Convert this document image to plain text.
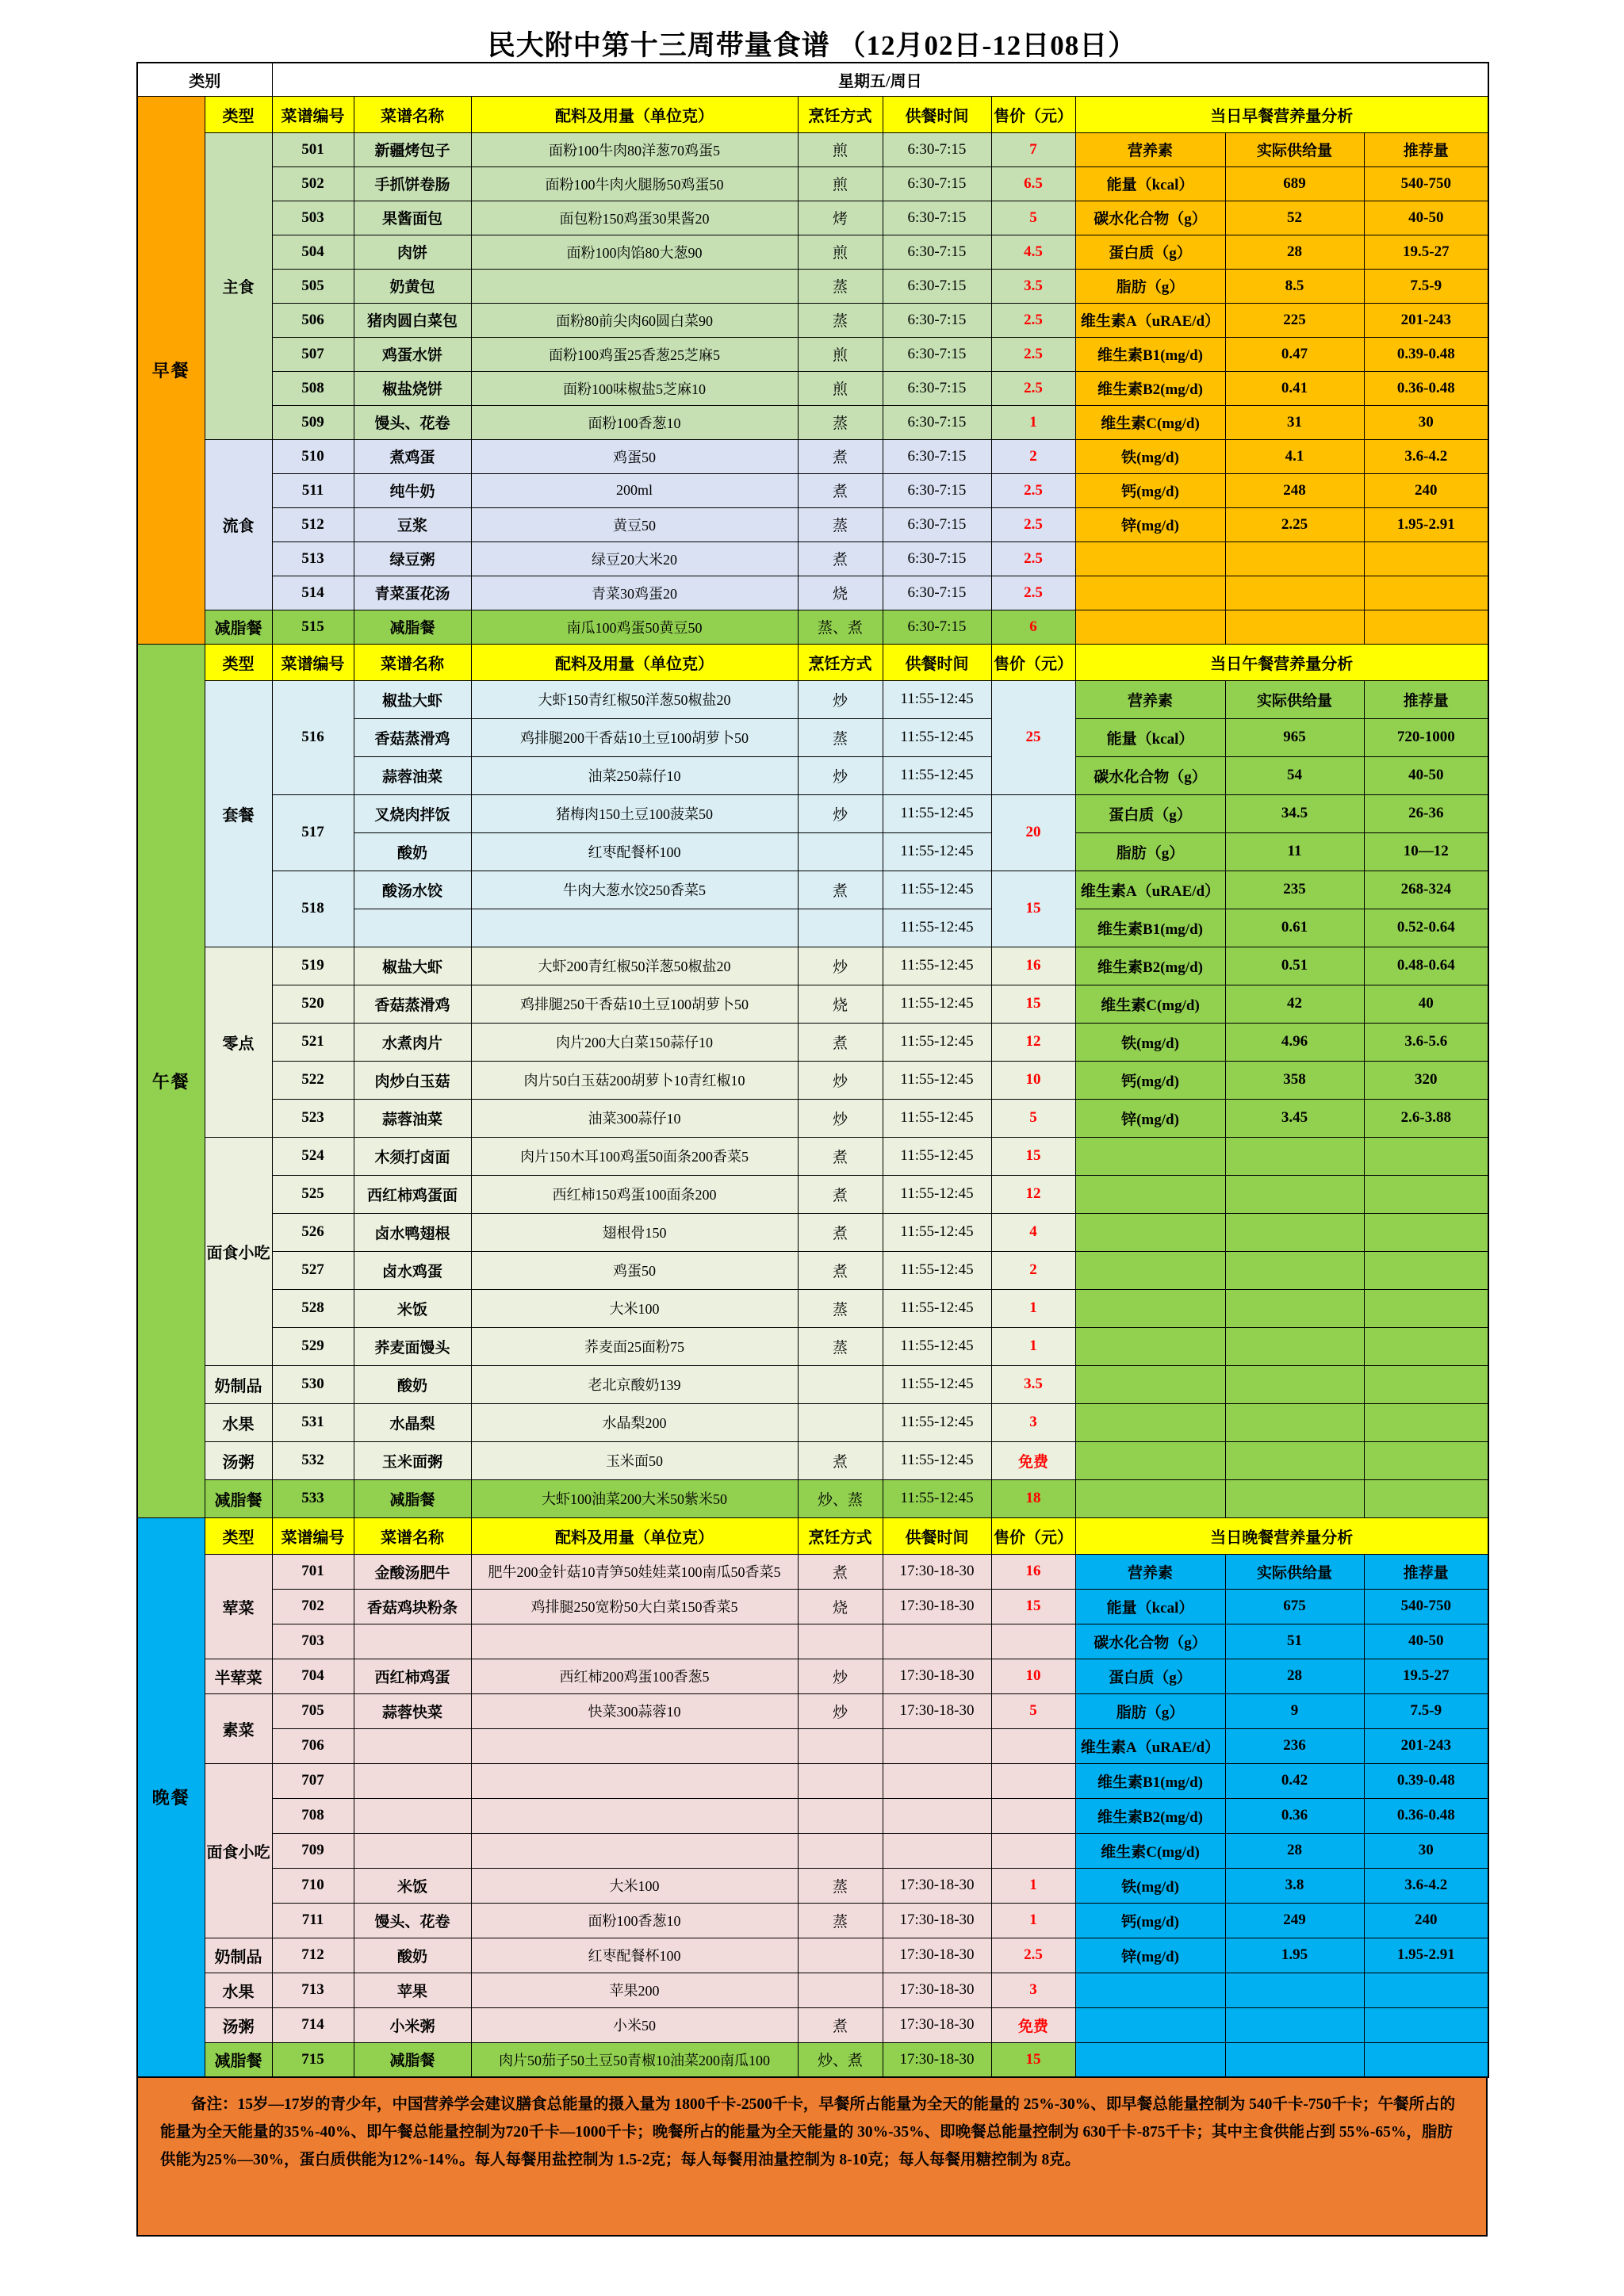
民大附中第十三周带量食谱 （12月02日-12日08日）
类别		星期五/周日								
早餐	类型	菜谱编号	菜谱名称	配料及用量（单位克）	烹饪方式	供餐时间	售价（元）	当日早餐营养量分析		
	主食	501	新疆烤包子	面粉100牛肉80洋葱70鸡蛋5	煎	6:30-7:15	7	营养素	实际供给量	推荐量
		502	手抓饼卷肠	面粉100牛肉火腿肠50鸡蛋50	煎	6:30-7:15	6.5	能量（kcal）	689	540-750
		503	果酱面包	面包粉150鸡蛋30果酱20	烤	6:30-7:15	5	碳水化合物（g）	52	40-50
		504	肉饼	面粉100肉馅80大葱90	煎	6:30-7:15	4.5	蛋白质（g）	28	19.5-27
		505	奶黄包		蒸	6:30-7:15	3.5	脂肪（g）	8.5	7.5-9
		506	猪肉圆白菜包	面粉80前尖肉60圆白菜90	蒸	6:30-7:15	2.5	维生素A（uRAE/d）	225	201-243
		507	鸡蛋水饼	面粉100鸡蛋25香葱25芝麻5	煎	6:30-7:15	2.5	维生素B1(mg/d)	0.47	0.39-0.48
		508	椒盐烧饼	面粉100味椒盐5芝麻10	煎	6:30-7:15	2.5	维生素B2(mg/d)	0.41	0.36-0.48
		509	馒头、花卷	面粉100香葱10	蒸	6:30-7:15	1	维生素C(mg/d)	31	30
	流食	510	煮鸡蛋	鸡蛋50	煮	6:30-7:15	2	铁(mg/d)	4.1	3.6-4.2
		511	纯牛奶	200ml	煮	6:30-7:15	2.5	钙(mg/d)	248	240
		512	豆浆	黄豆50	蒸	6:30-7:15	2.5	锌(mg/d)	2.25	1.95-2.91
		513	绿豆粥	绿豆20大米20	煮	6:30-7:15	2.5			
		514	青菜蛋花汤	青菜30鸡蛋20	烧	6:30-7:15	2.5			
	减脂餐	515	减脂餐	南瓜100鸡蛋50黄豆50	蒸、煮	6:30-7:15	6			
午餐	类型	菜谱编号	菜谱名称	配料及用量（单位克）	烹饪方式	供餐时间	售价（元）	当日午餐营养量分析		
	套餐	516	椒盐大虾	大虾150青红椒50洋葱50椒盐20	炒	11:55-12:45	25	营养素	实际供给量	推荐量
			香菇蒸滑鸡	鸡排腿200干香菇10土豆100胡萝卜50	蒸	11:55-12:45		能量（kcal）	965	720-1000
			蒜蓉油菜	油菜250蒜仔10	炒	11:55-12:45		碳水化合物（g）	54	40-50
		517	叉烧肉拌饭	猪梅肉150土豆100菠菜50	炒	11:55-12:45	20	蛋白质（g）	34.5	26-36
			酸奶	红枣配餐杯100		11:55-12:45		脂肪（g）	11	10—12
		518	酸汤水饺	牛肉大葱水饺250香菜5	煮	11:55-12:45	15	维生素A（uRAE/d）	235	268-324
						11:55-12:45		维生素B1(mg/d)	0.61	0.52-0.64
	零点	519	椒盐大虾	大虾200青红椒50洋葱50椒盐20	炒	11:55-12:45	16	维生素B2(mg/d)	0.51	0.48-0.64
		520	香菇蒸滑鸡	鸡排腿250干香菇10土豆100胡萝卜50	烧	11:55-12:45	15	维生素C(mg/d)	42	40
		521	水煮肉片	肉片200大白菜150蒜仔10	煮	11:55-12:45	12	铁(mg/d)	4.96	3.6-5.6
		522	肉炒白玉菇	肉片50白玉菇200胡萝卜10青红椒10	炒	11:55-12:45	10	钙(mg/d)	358	320
		523	蒜蓉油菜	油菜300蒜仔10	炒	11:55-12:45	5	锌(mg/d)	3.45	2.6-3.88
	面食小吃	524	木须打卤面	肉片150木耳100鸡蛋50面条200香菜5	煮	11:55-12:45	15			
		525	西红柿鸡蛋面	西红柿150鸡蛋100面条200	煮	11:55-12:45	12			
		526	卤水鸭翅根	翅根骨150	煮	11:55-12:45	4			
		527	卤水鸡蛋	鸡蛋50	煮	11:55-12:45	2			
		528	米饭	大米100	蒸	11:55-12:45	1			
		529	荞麦面馒头	荞麦面25面粉75	蒸	11:55-12:45	1			
	奶制品	530	酸奶	老北京酸奶139		11:55-12:45	3.5			
	水果	531	水晶梨	水晶梨200		11:55-12:45	3			
	汤粥	532	玉米面粥	玉米面50	煮	11:55-12:45	免费			
	减脂餐	533	减脂餐	大虾100油菜200大米50紫米50	炒、蒸	11:55-12:45	18			
晚餐	类型	菜谱编号	菜谱名称	配料及用量（单位克）	烹饪方式	供餐时间	售价（元）	当日晚餐营养量分析		
	荤菜	701	金酸汤肥牛	肥牛200金针菇10青笋50娃娃菜100南瓜50香菜5	煮	17:30-18-30	16	营养素	实际供给量	推荐量
		702	香菇鸡块粉条	鸡排腿250宽粉50大白菜150香菜5	烧	17:30-18-30	15	能量（kcal）	675	540-750
		703						碳水化合物（g）	51	40-50
	半荤菜	704	西红柿鸡蛋	西红柿200鸡蛋100香葱5	炒	17:30-18-30	10	蛋白质（g）	28	19.5-27
	素菜	705	蒜蓉快菜	快菜300蒜蓉10	炒	17:30-18-30	5	脂肪（g）	9	7.5-9
		706						维生素A（uRAE/d）	236	201-243
	面食小吃	707						维生素B1(mg/d)	0.42	0.39-0.48
		708						维生素B2(mg/d)	0.36	0.36-0.48
		709						维生素C(mg/d)	28	30
		710	米饭	大米100	蒸	17:30-18-30	1	铁(mg/d)	3.8	3.6-4.2
		711	馒头、花卷	面粉100香葱10	蒸	17:30-18-30	1	钙(mg/d)	249	240
	奶制品	712	酸奶	红枣配餐杯100		17:30-18-30	2.5	锌(mg/d)	1.95	1.95-2.91
	水果	713	苹果	苹果200		17:30-18-30	3			
	汤粥	714	小米粥	小米50	煮	17:30-18-30	免费			
	减脂餐	715	减脂餐	肉片50茄子50土豆50青椒10油菜200南瓜100	炒、煮	17:30-18-30	15			
备注：15岁—17岁的青少年，中国营养学会建议膳食总能量的摄入量为 1800千卡-2500千卡，早餐所占能量为全天的能量的 25%-30%、即早餐总能量控制为 540千卡-750千卡；午餐所占的能量为全天能量的35%-40%、即午餐总能量控制为720千卡—1000千卡；晚餐所占的能量为全天能量的 30%-35%、即晚餐总能量控制为 630千卡-875千卡；其中主食供能占到 55%-65%，脂肪供能为25%—30%，蛋白质供能为12%-14%。每人每餐用盐控制为 1.5-2克；每人每餐用油量控制为 8-10克；每人每餐用糖控制为 8克。
